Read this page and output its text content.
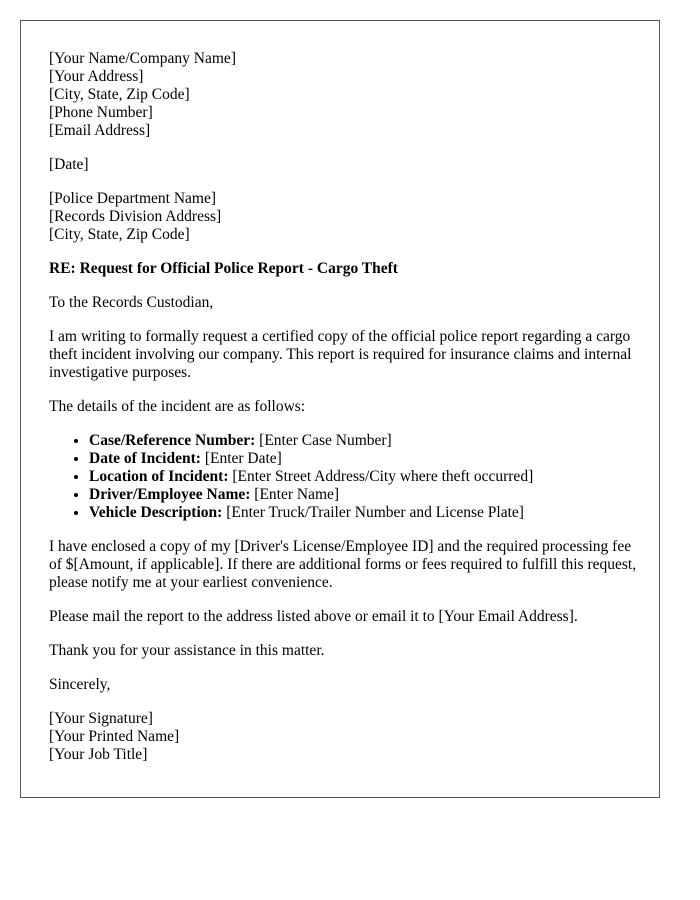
[Your Name/Company Name]
[Your Address]
[City, State, Zip Code]
[Phone Number]
[Email Address]
[Date]
[Police Department Name]
[Records Division Address]
[City, State, Zip Code]
RE: Request for Official Police Report - Cargo Theft
To the Records Custodian,
I am writing to formally request a certified copy of the official police report regarding a cargo theft incident involving our company. This report is required for insurance claims and internal investigative purposes.
The details of the incident are as follows:
• Case/Reference Number: [Enter Case Number]
• Date of Incident: [Enter Date]
• Location of Incident: [Enter Street Address/City where theft occurred]
• Driver/Employee Name: [Enter Name]
• Vehicle Description: [Enter Truck/Trailer Number and License Plate]
I have enclosed a copy of my [Driver's License/Employee ID] and the required processing fee of $[Amount, if applicable]. If there are additional forms or fees required to fulfill this request, please notify me at your earliest convenience.
Please mail the report to the address listed above or email it to [Your Email Address].
Thank you for your assistance in this matter.
Sincerely,
[Your Signature]
[Your Printed Name]
[Your Job Title]
